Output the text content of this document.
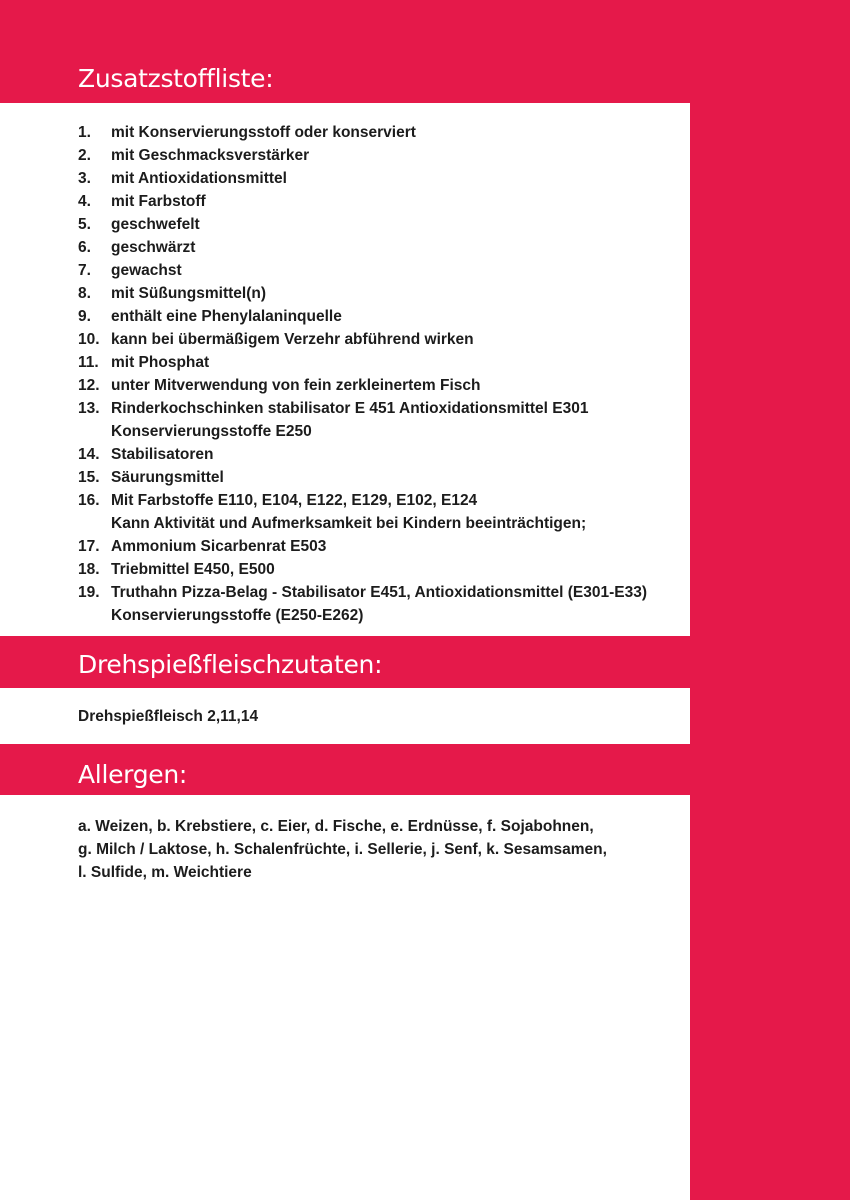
Zusatzstoffliste:
1.	mit Konservierungsstoff oder konserviert
2.	mit Geschmacksverstärker
3.	mit Antioxidationsmittel
4.	mit Farbstoff
5.	geschwefelt
6.	geschwärzt
7.	gewachst
8.	mit Süßungsmittel(n)
9.	enthält eine Phenylalaninquelle
10. kann bei übermäßigem Verzehr abführend wirken
11. mit Phosphat
12. unter Mitverwendung von fein zerkleinertem Fisch
13. Rinderkochschinken stabilisator E 451 Antioxidationsmittel E301
Konservierungsstoffe E250
14. Stabilisatoren
15. Säurungsmittel
16. Mit Farbstoffe E110, E104, E122, E129, E102, E124
Kann Aktivität und Aufmerksamkeit bei Kindern beeinträchtigen;
17. Ammonium Sicarbenrat E503
18. Triebmittel E450, E500
19. Truthahn Pizza-Belag - Stabilisator E451, Antioxidationsmittel (E301-E33)
Konservierungsstoffe (E250-E262)
Drehspießfleischzutaten:

Drehspießfleisch 2,11,14

Allergen:
a. Weizen, b. Krebstiere, c. Eier, d. Fische, e. Erdnüsse, f. Sojabohnen,
g. Milch / Laktose, h. Schalenfrüchte, i. Sellerie, j. Senf, k. Sesamsamen,
l. Sulfide, m. Weichtiere
